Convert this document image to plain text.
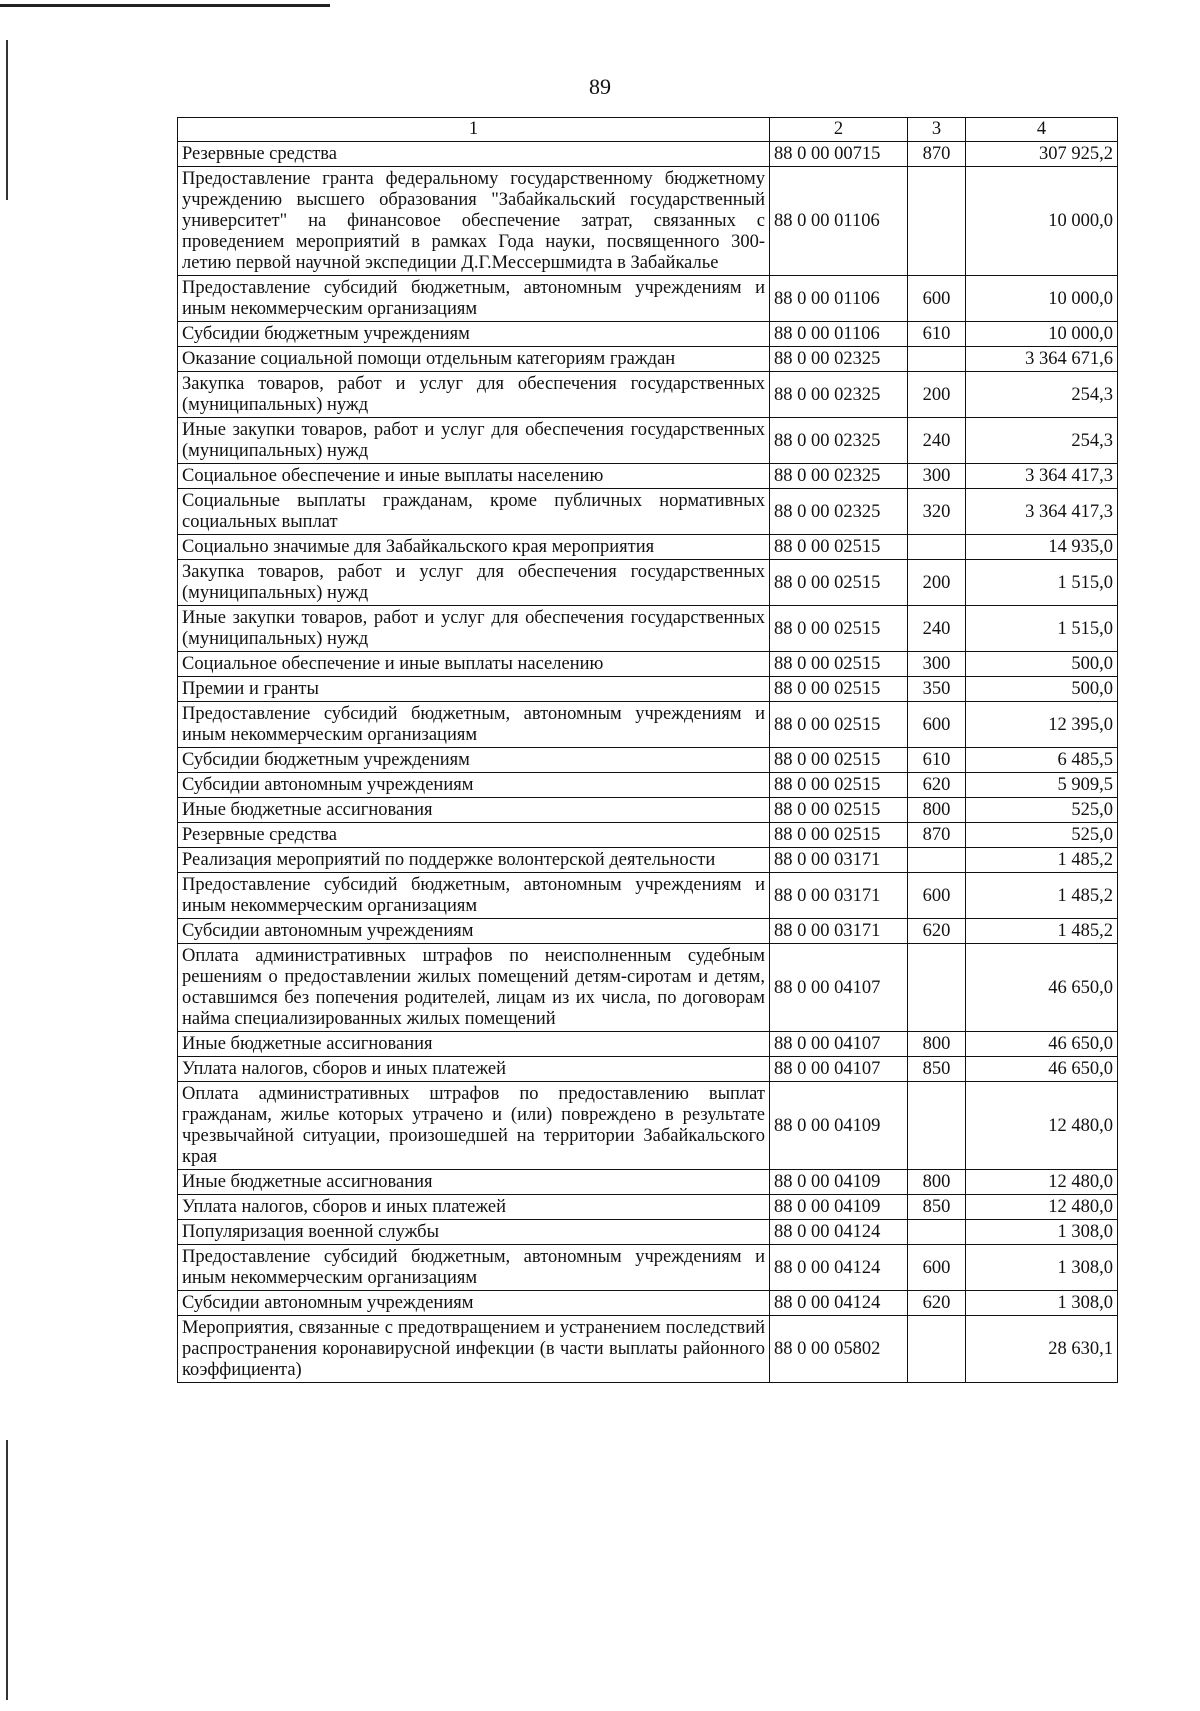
89
1	2	3	4
Резервные средства	88 0 00 00715	870	307 925,2
Предоставление гранта федеральному государственному бюджетному учреждению высшего образования "Забайкальский государственный университет" на финансовое обеспечение затрат, связанных с проведением мероприятий в рамках Года науки, посвященного 300-летию первой научной экспедиции Д.Г.Мессершмидта в Забайкалье	88 0 00 01106		10 000,0
Предоставление субсидий бюджетным, автономным учреждениям и иным некоммерческим организациям	88 0 00 01106	600	10 000,0
Субсидии бюджетным учреждениям	88 0 00 01106	610	10 000,0
Оказание социальной помощи отдельным категориям граждан	88 0 00 02325		3 364 671,6
Закупка товаров, работ и услуг для обеспечения государственных (муниципальных) нужд	88 0 00 02325	200	254,3
Иные закупки товаров, работ и услуг для обеспечения государственных (муниципальных) нужд	88 0 00 02325	240	254,3
Социальное обеспечение и иные выплаты населению	88 0 00 02325	300	3 364 417,3
Социальные выплаты гражданам, кроме публичных нормативных социальных выплат	88 0 00 02325	320	3 364 417,3
Социально значимые для Забайкальского края мероприятия	88 0 00 02515		14 935,0
Закупка товаров, работ и услуг для обеспечения государственных (муниципальных) нужд	88 0 00 02515	200	1 515,0
Иные закупки товаров, работ и услуг для обеспечения государственных (муниципальных) нужд	88 0 00 02515	240	1 515,0
Социальное обеспечение и иные выплаты населению	88 0 00 02515	300	500,0
Премии и гранты	88 0 00 02515	350	500,0
Предоставление субсидий бюджетным, автономным учреждениям и иным некоммерческим организациям	88 0 00 02515	600	12 395,0
Субсидии бюджетным учреждениям	88 0 00 02515	610	6 485,5
Субсидии автономным учреждениям	88 0 00 02515	620	5 909,5
Иные бюджетные ассигнования	88 0 00 02515	800	525,0
Резервные средства	88 0 00 02515	870	525,0
Реализация мероприятий по поддержке волонтерской деятельности	88 0 00 03171		1 485,2
Предоставление субсидий бюджетным, автономным учреждениям и иным некоммерческим организациям	88 0 00 03171	600	1 485,2
Субсидии автономным учреждениям	88 0 00 03171	620	1 485,2
Оплата административных штрафов по неисполненным судебным решениям о предоставлении жилых помещений детям-сиротам и детям, оставшимся без попечения родителей, лицам из их числа, по договорам найма специализированных жилых помещений	88 0 00 04107		46 650,0
Иные бюджетные ассигнования	88 0 00 04107	800	46 650,0
Уплата налогов, сборов и иных платежей	88 0 00 04107	850	46 650,0
Оплата административных штрафов по предоставлению выплат гражданам, жилье которых утрачено и (или) повреждено в результате чрезвычайной ситуации, произошедшей на территории Забайкальского края	88 0 00 04109		12 480,0
Иные бюджетные ассигнования	88 0 00 04109	800	12 480,0
Уплата налогов, сборов и иных платежей	88 0 00 04109	850	12 480,0
Популяризация военной службы	88 0 00 04124		1 308,0
Предоставление субсидий бюджетным, автономным учреждениям и иным некоммерческим организациям	88 0 00 04124	600	1 308,0
Субсидии автономным учреждениям	88 0 00 04124	620	1 308,0
Мероприятия, связанные с предотвращением и устранением последствий распространения коронавирусной инфекции (в части выплаты районного коэффициента)	88 0 00 05802		28 630,1
